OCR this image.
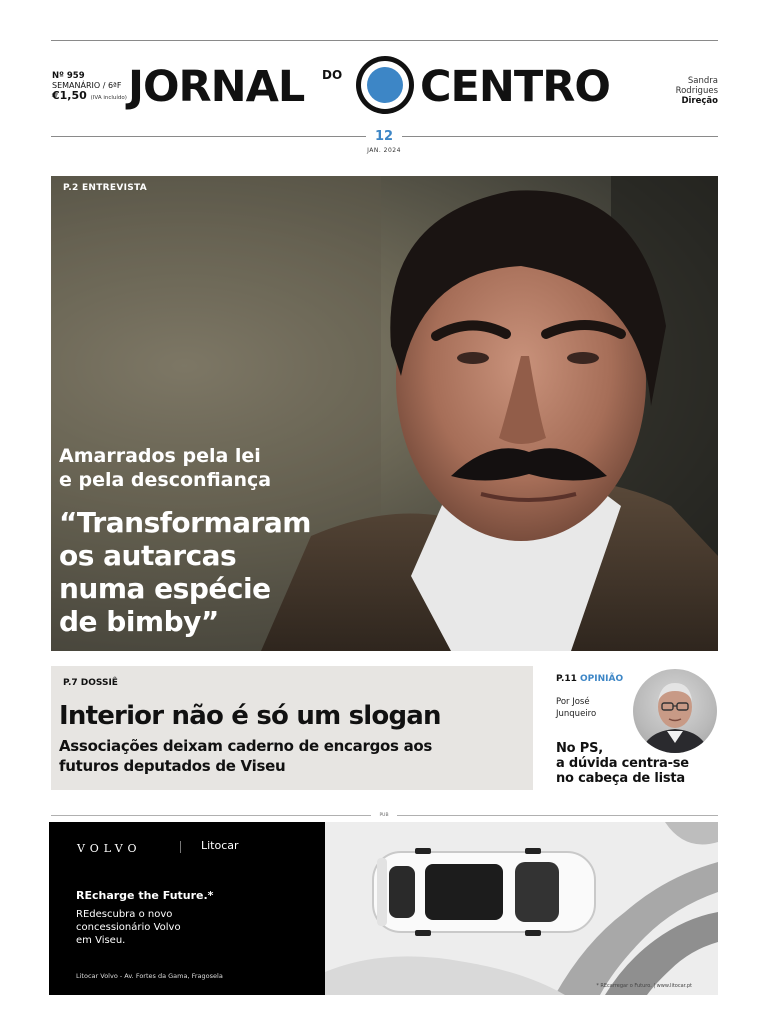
Nº 959
SEMANÁRIO / 6ªF
€1,50 (IVA incluído) JORNAL DO CENTRO	Sandra
Rodrigues
Direção
12
JAN. 2024
P.2 ENTREVISTA
Amarrados pela lei
e pela desconfiança
“Transformaram
os autarcas
numa espécie
de bimby”
P.7 DOSSIÊ
Interior não é só um slogan
Associações deixam caderno de encargos aos futuros deputados de Viseu
P.11 OPINIÃO
Por José
Junqueiro
No PS,
a dúvida centra-se
no cabeça de lista
PUB
VOLVO	Litocar
REcharge the Future.*
REdescubra o novo
concessionário Volvo
em Viseu.
Litocar Volvo - Av. Fortes da Gama, Fragosela
* REcarregar o Futuro. | www.litocar.pt
